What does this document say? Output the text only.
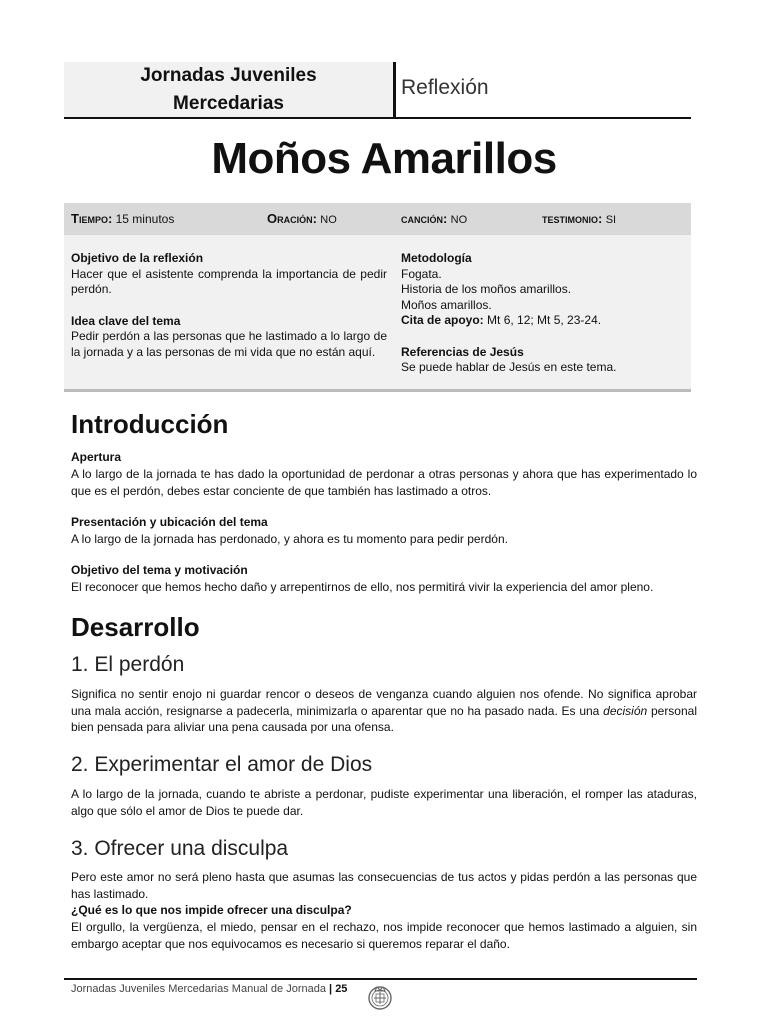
Jornadas Juveniles
Mercedarias
Reflexión
Moños Amarillos
Tiempo: 15 minutos	Oración: NO	canción: NO	testimonio: SI
Objetivo de la reflexión
Hacer que el asistente comprenda la importancia de pedir perdón.
Idea clave del tema
Pedir perdón a las personas que he lastimado a lo largo de la jornada y a las personas de mi vida que no están aquí.
Metodología
Fogata.
Historia de los moños amarillos.
Moños amarillos.
Cita de apoyo: Mt 6, 12; Mt 5, 23-24.
Referencias de Jesús
Se puede hablar de Jesús en este tema.
Introducción
Apertura
A lo largo de la jornada te has dado la oportunidad de perdonar a otras personas y ahora que has experimentado lo que es el perdón, debes estar conciente de que también has lastimado a otros.
Presentación y ubicación del tema
A lo largo de la jornada has perdonado, y ahora es tu momento para pedir perdón.
Objetivo del tema y motivación
El reconocer que hemos hecho daño y arrepentirnos de ello, nos permitirá vivir la experiencia del amor pleno.
Desarrollo
1. El perdón
Significa no sentir enojo ni guardar rencor o deseos de venganza cuando alguien nos ofende. No significa aprobar una mala acción, resignarse a padecerla, minimizarla o aparentar que no ha pasado nada. Es una decisión personal bien pensada para aliviar una pena causada por una ofensa.
2. Experimentar el amor de Dios
A lo largo de la jornada, cuando te abriste a perdonar, pudiste experimentar una liberación, el romper las ataduras, algo que sólo el amor de Dios te puede dar.
3. Ofrecer una disculpa
Pero este amor no será pleno hasta que asumas las consecuencias de tus actos y pidas perdón a las personas que has lastimado.
¿Qué es lo que nos impide ofrecer una disculpa?
El orgullo, la vergüenza, el miedo, pensar en el rechazo, nos impide reconocer que hemos lastimado a alguien, sin embargo aceptar que nos equivocamos es necesario si queremos reparar el daño.
Jornadas Juveniles Mercedarias Manual de Jornada | 25
